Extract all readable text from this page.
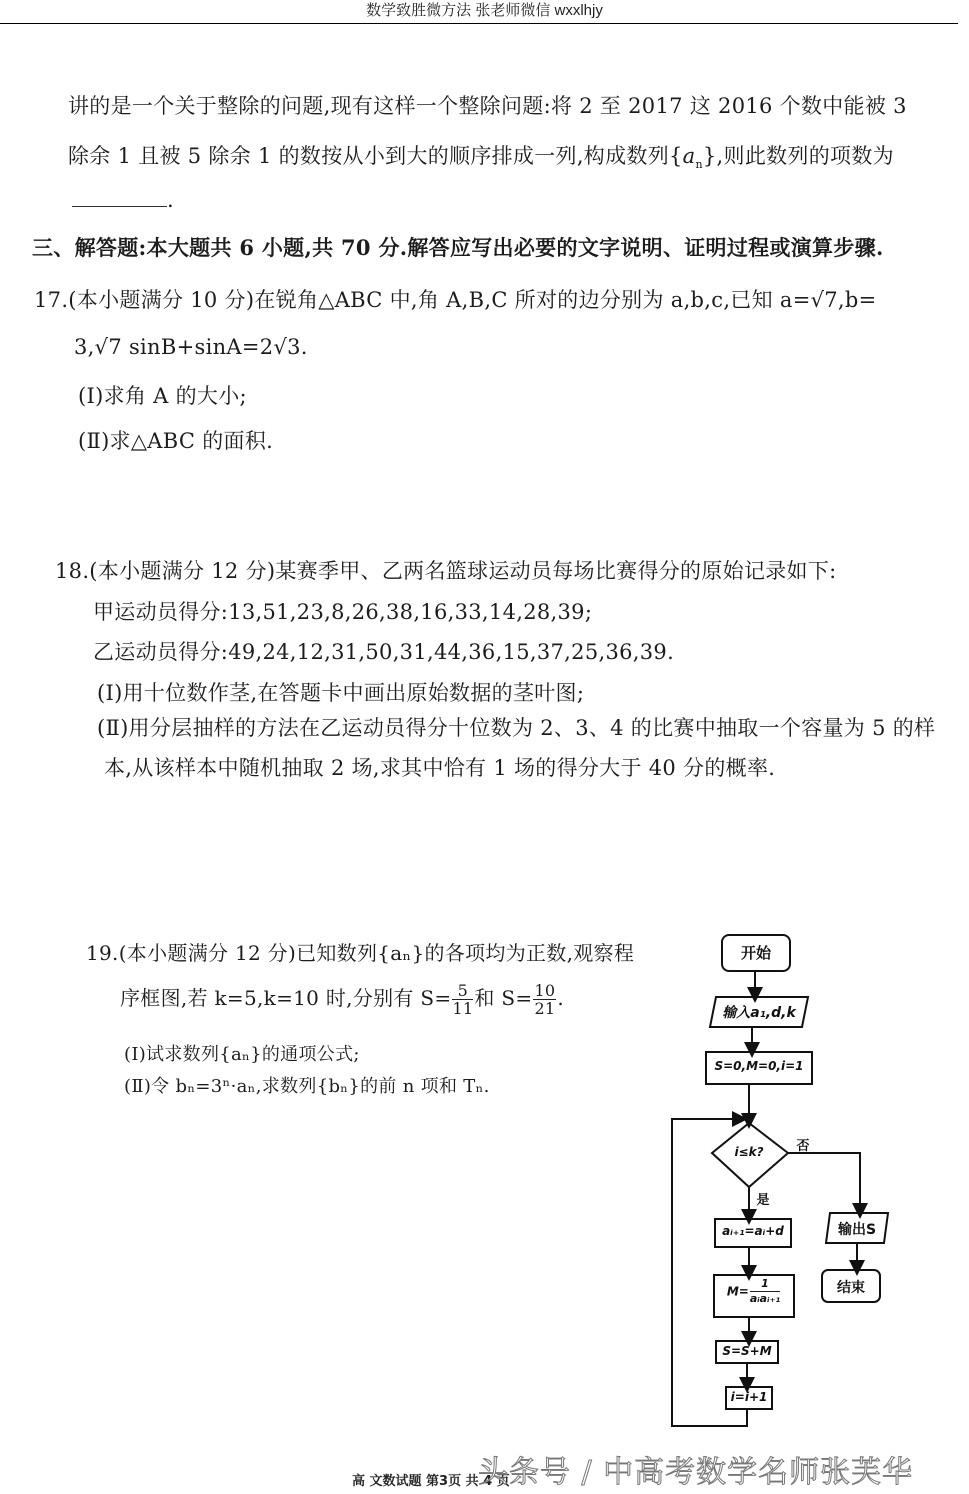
数学致胜微方法 张老师微信 wxxlhjy
讲的是一个关于整除的问题,现有这样一个整除问题:将 2 至 2017 这 2016 个数中能被 3
除余 1 且被 5 除余 1 的数按从小到大的顺序排成一列,构成数列$\{a_n\}$,则此数列的项数为
.
三、解答题:本大题共 6 小题,共 70 分.解答应写出必要的文字说明、证明过程或演算步骤.
17.(本小题满分 10 分)在锐角△ABC 中,角 A,B,C 所对的边分别为 a,b,c,已知 a=√7,b=
3,√7 sinB+sinA=2√3.
(Ⅰ)求角 A 的大小;
(Ⅱ)求△ABC 的面积.
18.(本小题满分 12 分)某赛季甲、乙两名篮球运动员每场比赛得分的原始记录如下:
甲运动员得分:13,51,23,8,26,38,16,33,14,28,39;
乙运动员得分:49,24,12,31,50,31,44,36,15,37,25,36,39.
(Ⅰ)用十位数作茎,在答题卡中画出原始数据的茎叶图;
(Ⅱ)用分层抽样的方法在乙运动员得分十位数为 2、3、4 的比赛中抽取一个容量为 5 的样
本,从该样本中随机抽取 2 场,求其中恰有 1 场的得分大于 40 分的概率.
19.(本小题满分 12 分)已知数列{aₙ}的各项均为正数,观察程
序框图,若 k=5,k=10 时,分别有 $S= \frac{5}{11}$ 和 $S= \frac{10}{21}$ .
(Ⅰ)试求数列{aₙ}的通项公式;
(Ⅱ)令 bₙ=3ⁿ·aₙ,求数列{bₙ}的前 n 项和 Tₙ.
开始
输入a₁,d,k
S=0,M=0,i=1
i≤k?	否
是
aᵢ₊₁=aᵢ+d
$M= \frac{1}{\text{aᵢaᵢ₊₁}}$
S=S+M
i=i+1
输出S
结束
高 文数试题 第3页 共 4 页
头条号 / 中高考数学名师张芙华
